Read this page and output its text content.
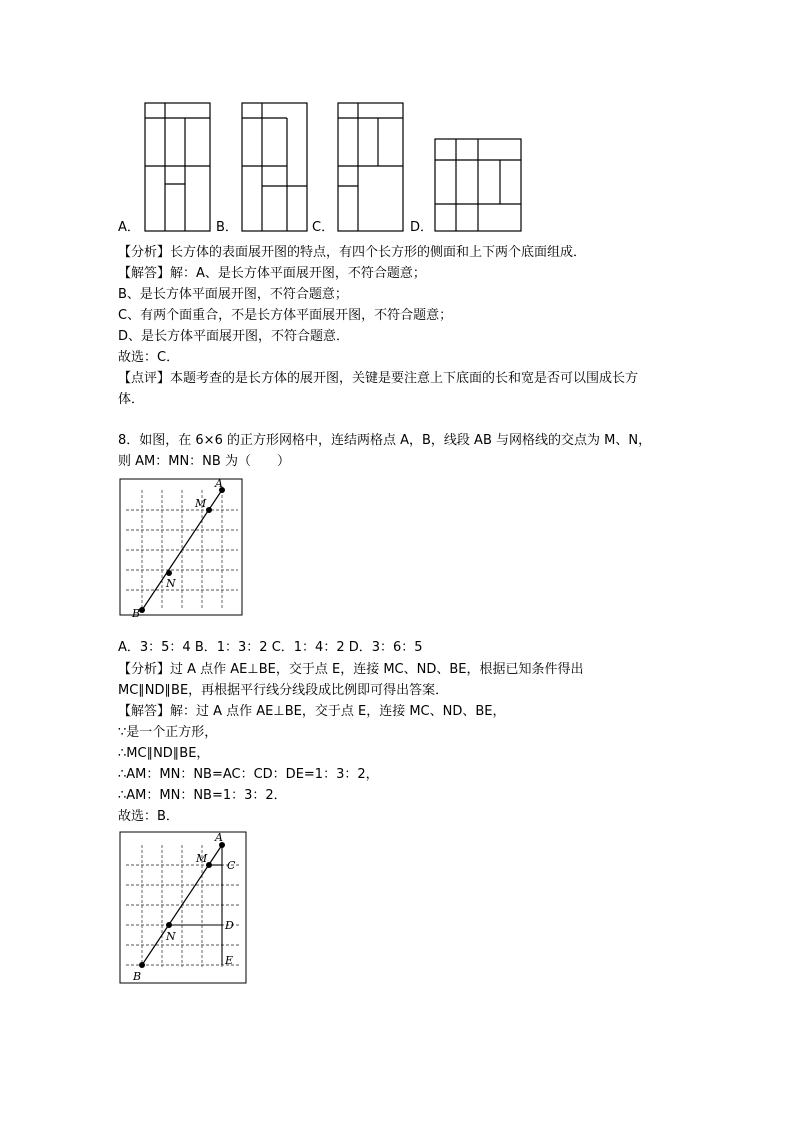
A．	B．	C．	D．
【分析】长方体的表面展开图的特点，有四个长方形的侧面和上下两个底面组成．
【解答】解：A、是长方体平面展开图，不符合题意；
B、是长方体平面展开图，不符合题意；
C、有两个面重合，不是长方体平面展开图，不符合题意；
D、是长方体平面展开图，不符合题意．
故选：C．
【点评】本题考查的是长方体的展开图，关键是要注意上下底面的长和宽是否可以围成长方
体．
8．如图，在 6×6 的正方形网格中，连结两格点 A，B，线段 AB 与网格线的交点为 M、N，
则 AM：MN：NB 为（　　）
A
M
N
B
A．3：5：4 B．1：3：2 C．1：4：2 D．3：6：5
【分析】过 A 点作 AE⊥BE，交于点 E，连接 MC、ND、BE，根据已知条件得出
MC∥ND∥BE，再根据平行线分线段成比例即可得出答案．
【解答】解：过 A 点作 AE⊥BE，交于点 E，连接 MC、ND、BE，
∵是一个正方形，
∴MC∥ND∥BE，
∴AM：MN：NB=AC：CD：DE=1：3：2，
∴AM：MN：NB=1：3：2．
故选：B．
A
M
C
N
D
E
B
